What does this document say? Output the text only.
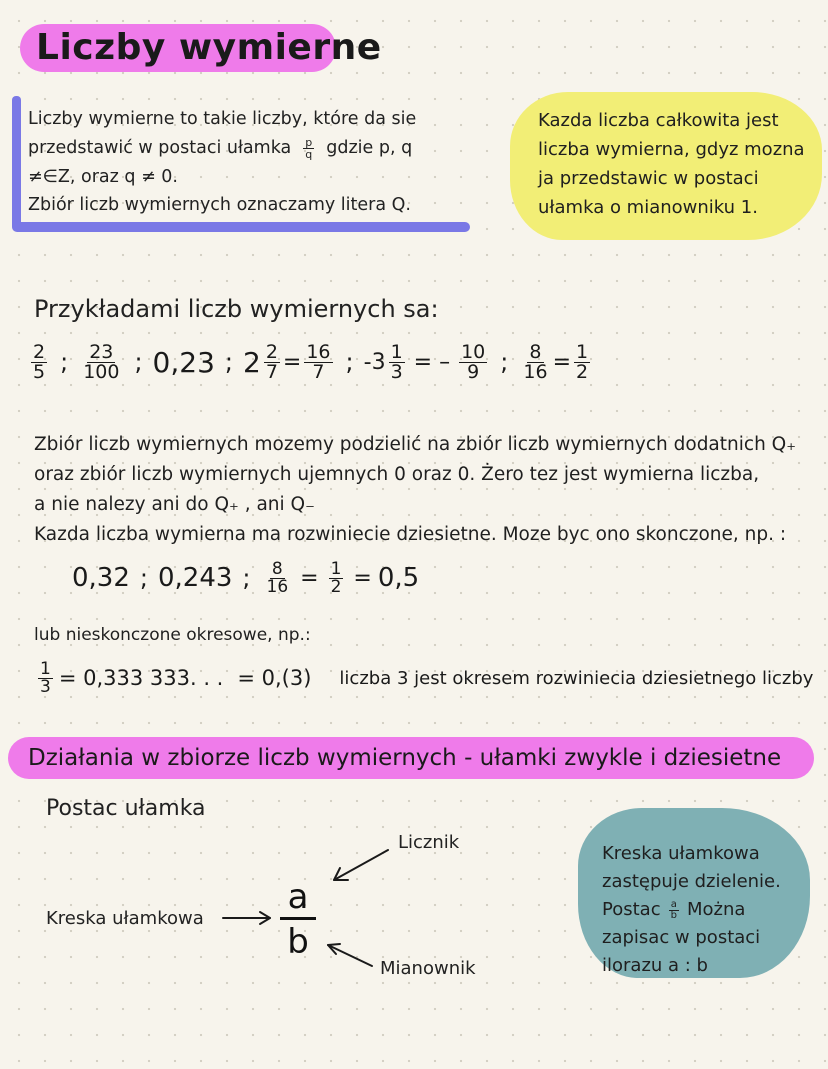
Liczby wymierne
Liczby wymierne to takie liczby, które da sie
przedstawić w postaci ułamka $\frac{p}{q}$ gdzie p, q
≠∈Z, oraz q ≠ 0.
Zbiór liczb wymiernych oznaczamy litera Q.
Kazda liczba całkowita jest
liczba wymierna, gdyz mozna
ja przedstawic w postaci
ułamka o mianowniku 1.
Przykładami liczb wymiernych sa:
$\frac{2}{5}$ ; $\frac{23}{100}$ ; 0,23 ; $2 \frac{2}{7} = \frac{16}{7}$ ; $-3 \frac{1}{3}$ = – $\frac{10}{9}$ ; $\frac{8}{16} = \frac{1}{2}$
Zbiór liczb wymiernych mozemy podzielić na zbiór liczb wymiernych dodatnich Q₊
oraz zbiór liczb wymiernych ujemnych 0 oraz 0. Żero tez jest wymierna liczba,
a nie nalezy ani do Q₊ , ani Q₋
Kazda liczba wymierna ma rozwiniecie dziesietne. Moze byc ono skonczone, np. :
0,32 ; 0,243 ; $\frac{8}{16} = \frac{1}{2} = 0,5$
lub nieskonczone okresowe, np.:
$\frac{1}{3} = 0,333$ 333. . . = 0,(3) liczba 3 jest okresem rozwiniecia dziesietnego liczby
Działania w zbiorze liczb wymiernych - ułamki zwykle i dziesietne
Postac ułamka
a
b
Licznik
Kreska ułamkowa
Mianownik
Kreska ułamkowa
zastępuje dzielenie.
Postac $\frac{a}{b}$ Można
zapisac w postaci
ilorazu a : b
